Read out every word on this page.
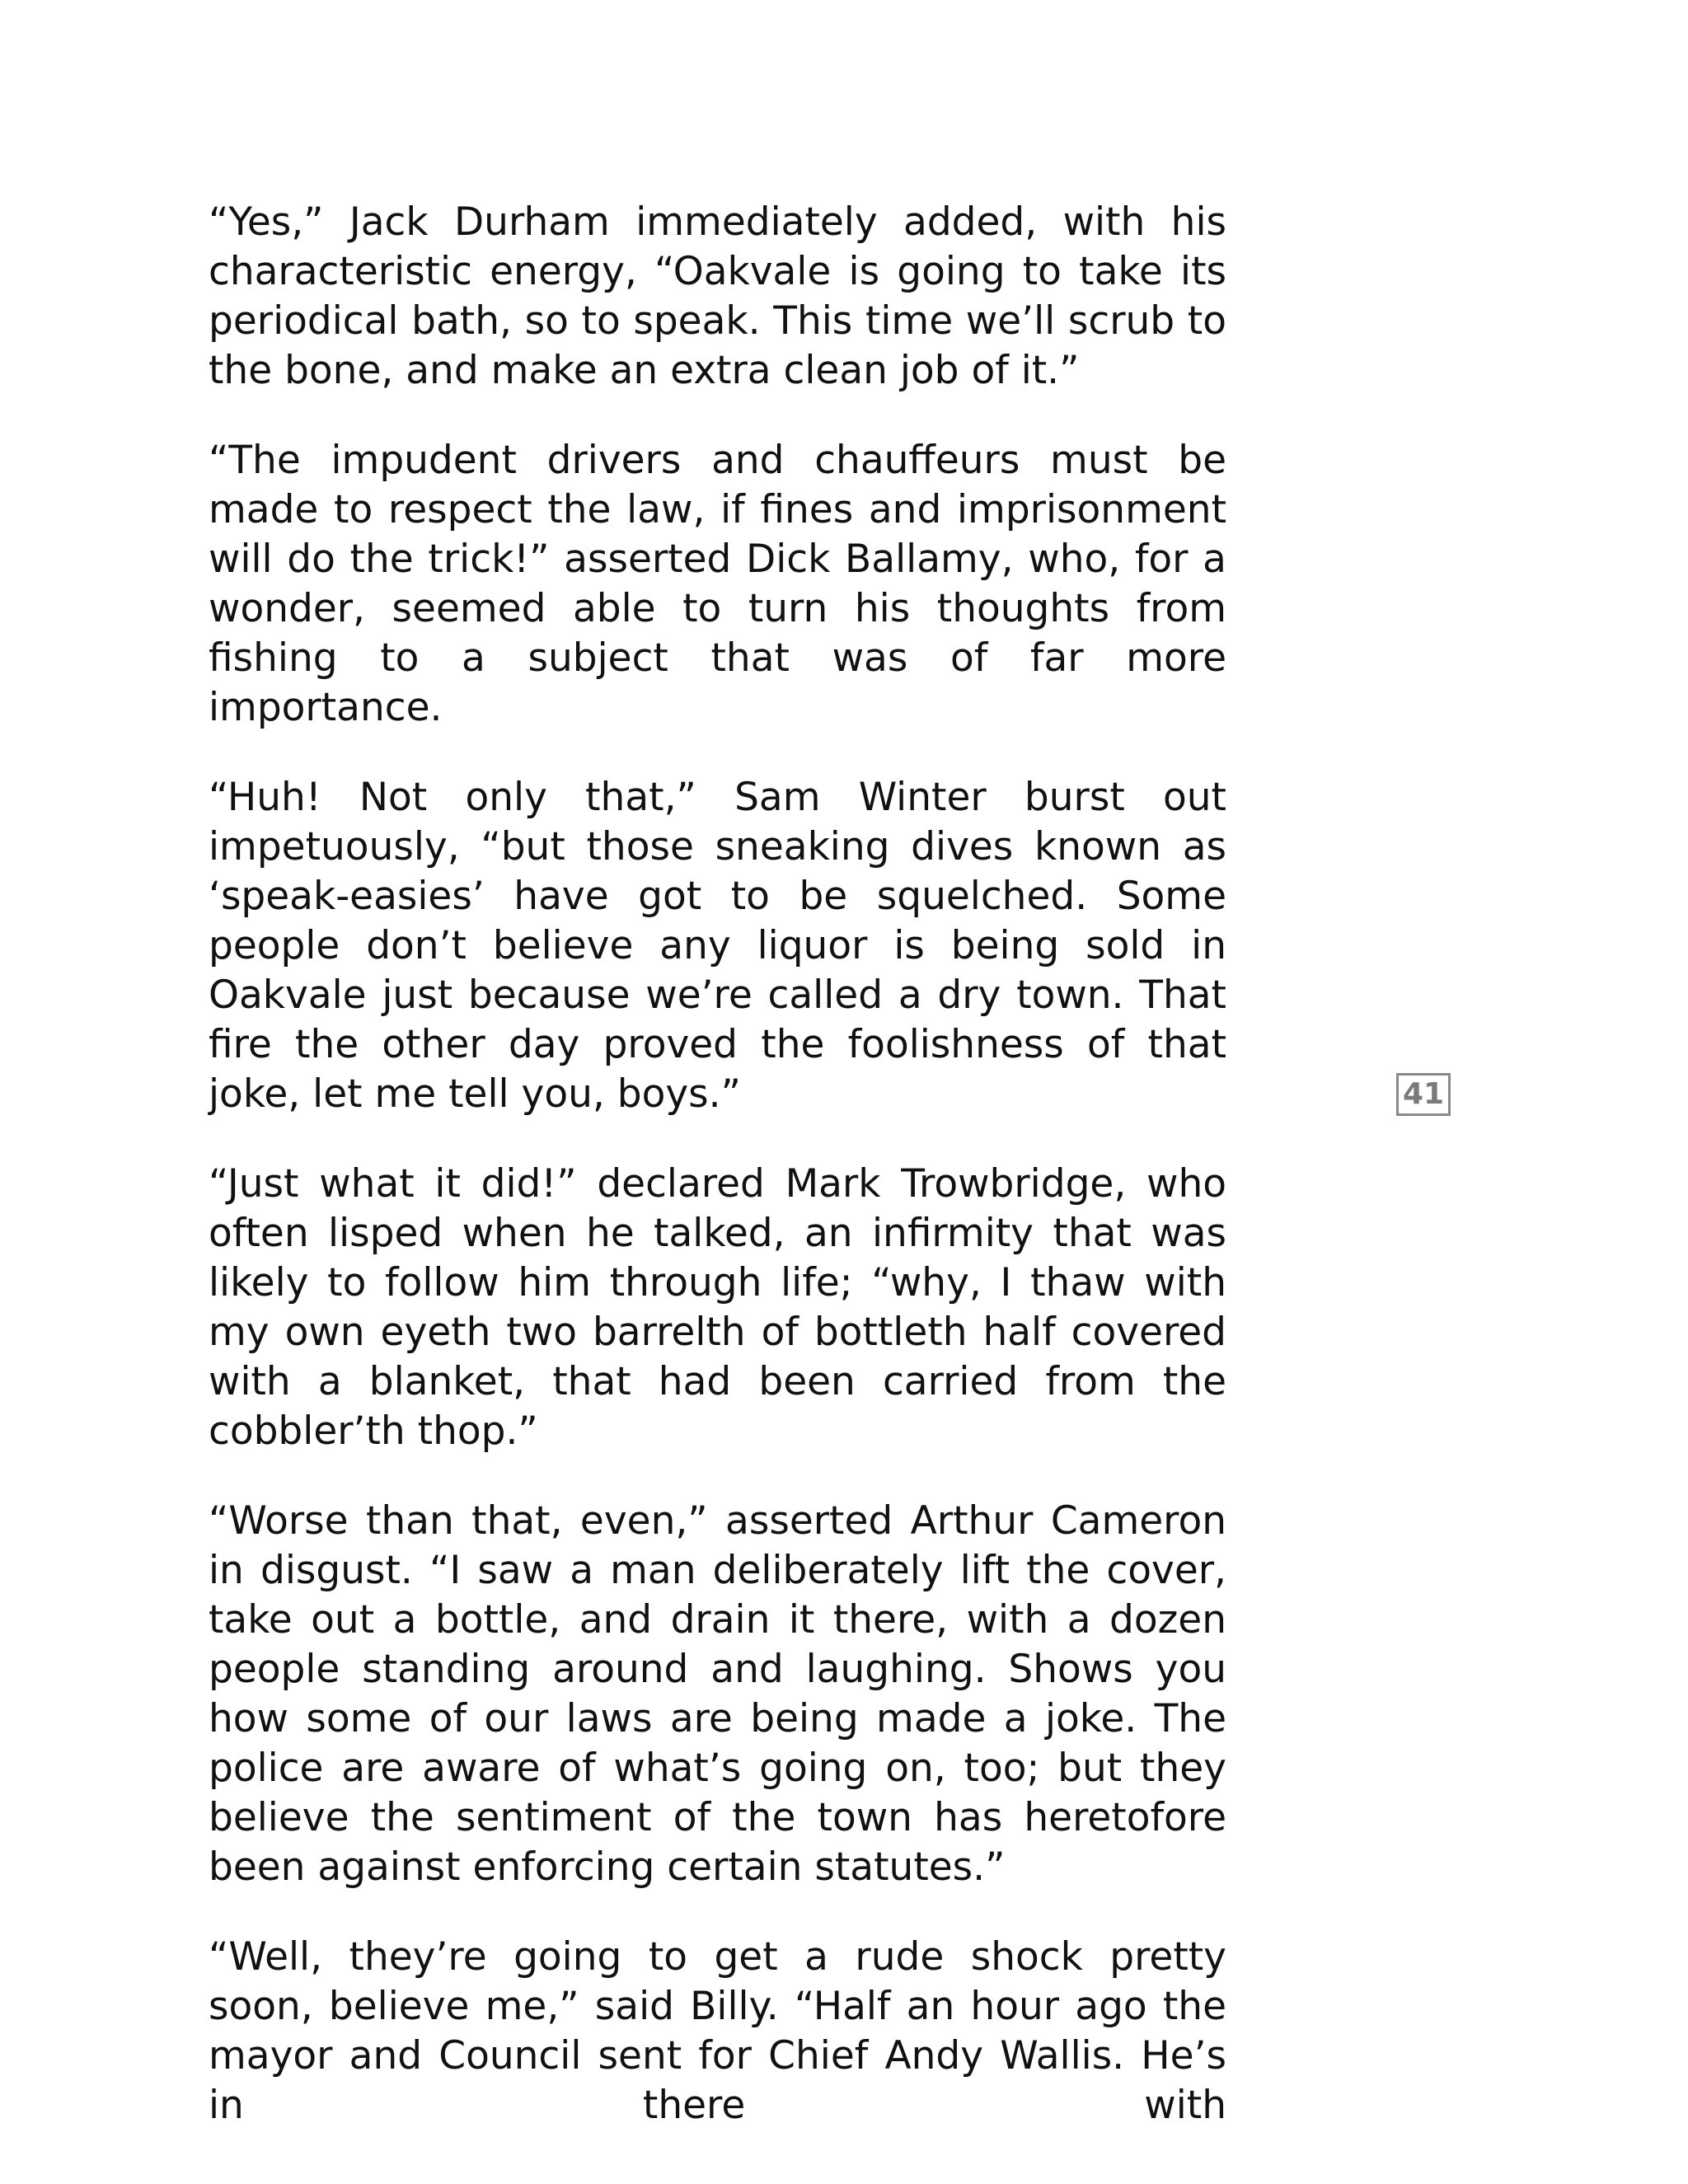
“Yes,” Jack Durham immediately added, with his characteristic energy, “Oakvale is going to take its periodical bath, so to speak. This time we’ll scrub to the bone, and make an extra clean job of it.”

“The impudent drivers and chauffeurs must be made to respect the law, if fines and imprisonment will do the trick!” asserted Dick Ballamy, who, for a wonder, seemed able to turn his thoughts from fishing to a subject that was of far more importance.

“Huh! Not only that,” Sam Winter burst out impetuously, “but those sneaking dives known as ‘speak-easies’ have got to be squelched. Some people don’t believe any liquor is being sold in Oakvale just because we’re called a dry town. That fire the other day proved the foolishness of that joke, let me tell you, boys.”

“Just what it did!” declared Mark Trowbridge, who often lisped when he talked, an infirmity that was likely to follow him through life; “why, I thaw with my own eyeth two barrelth of bottleth half covered with a blanket, that had been carried from the cobbler’th thop.”

“Worse than that, even,” asserted Arthur Cameron in disgust. “I saw a man deliberately lift the cover, take out a bottle, and drain it there, with a dozen people standing around and laughing. Shows you how some of our laws are being made a joke. The police are aware of what’s going on, too; but they believe the sentiment of the town has heretofore been against enforcing certain statutes.”

“Well, they’re going to get a rude shock pretty soon, believe me,” said Billy. “Half an hour ago the mayor and Council sent for Chief Andy Wallis. He’s in there with

41
